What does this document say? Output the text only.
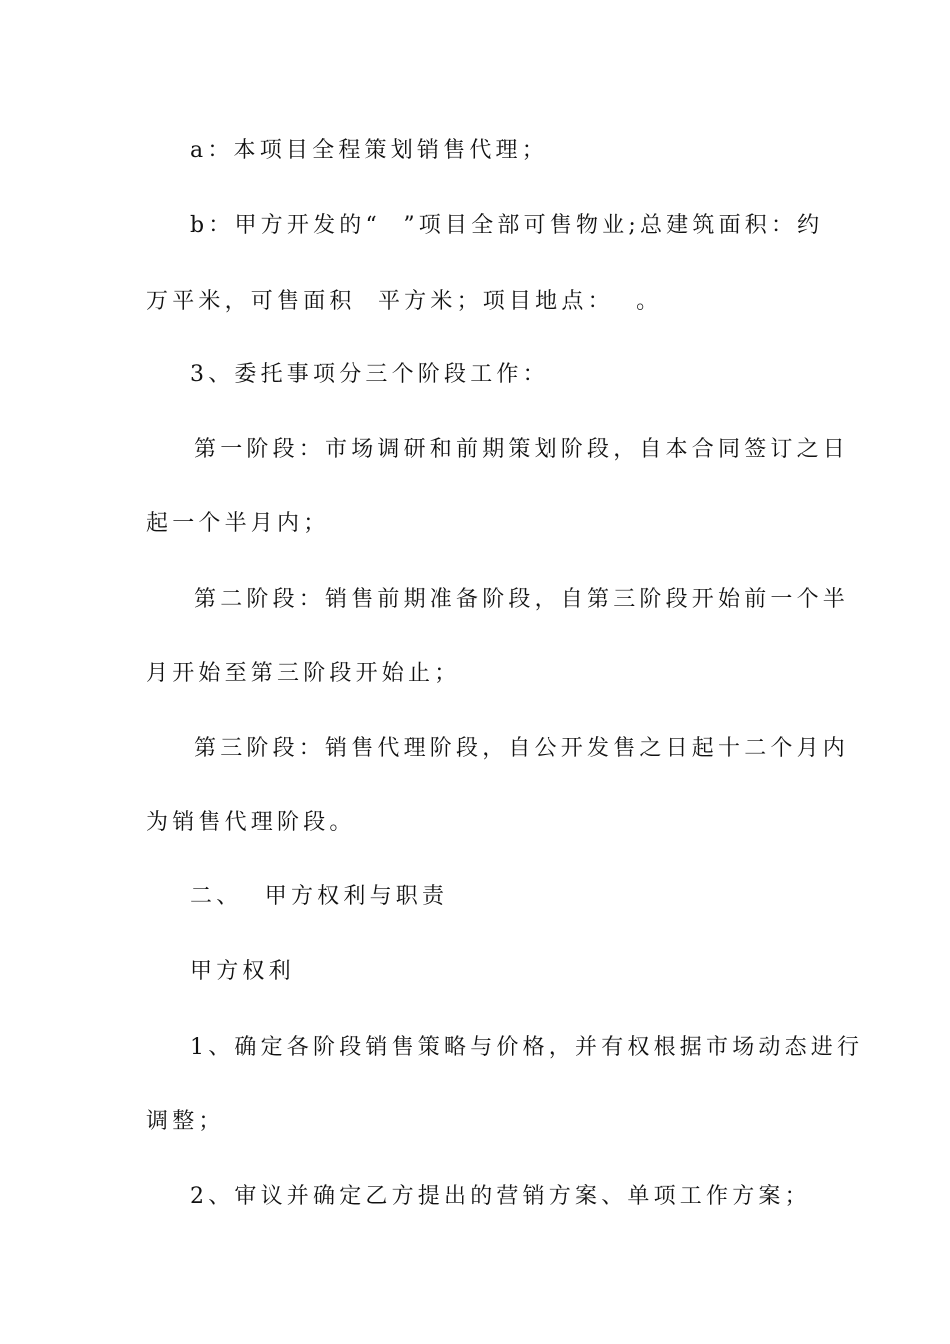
a：本项目全程策划销售代理；

b：甲方开发的“  ”项目全部可售物业;总建筑面积：约

万平米，可售面积  平方米；项目地点：  。

3、委托事项分三个阶段工作：

第一阶段：市场调研和前期策划阶段，自本合同签订之日

起一个半月内；

第二阶段：销售前期准备阶段，自第三阶段开始前一个半

月开始至第三阶段开始止；

第三阶段：销售代理阶段，自公开发售之日起十二个月内

为销售代理阶段。

二、  甲方权利与职责

甲方权利

1、确定各阶段销售策略与价格，并有权根据市场动态进行

调整；

2、审议并确定乙方提出的营销方案、单项工作方案；
